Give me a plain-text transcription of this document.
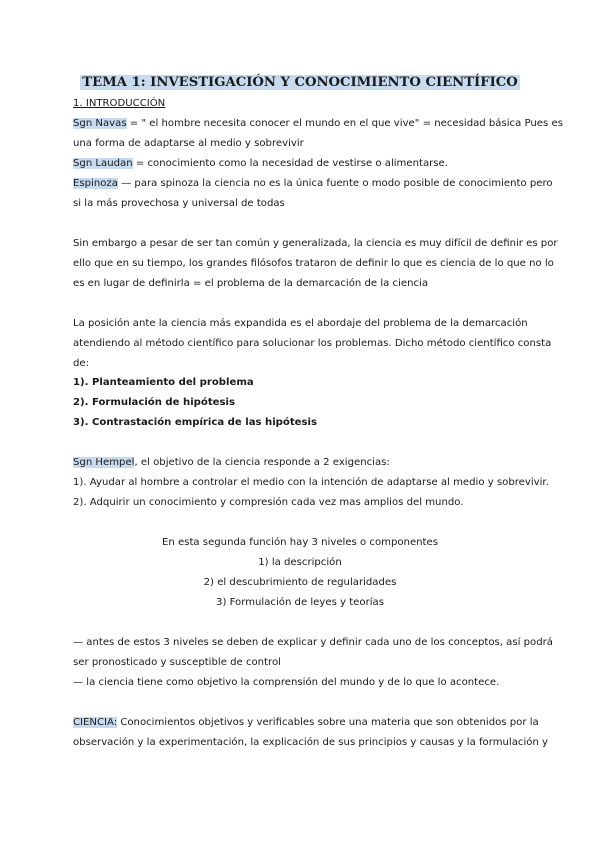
TEMA 1: INVESTIGACIÓN Y CONOCIMIENTO CIENTÍFICO
1. INTRODUCCIÓN
Sgn Navas = " el hombre necesita conocer el mundo en el que vive" = necesidad básica Pues es
una forma de adaptarse al medio y sobrevivir
Sgn Laudan = conocimiento como la necesidad de vestirse o alimentarse.
Espinoza — para spinoza la ciencia no es la única fuente o modo posible de conocimiento pero
si la más provechosa y universal de todas
Sin embargo a pesar de ser tan común y generalizada, la ciencia es muy difícil de definir es por
ello que en su tiempo, los grandes filósofos trataron de definir lo que es ciencia de lo que no lo
es en lugar de definirla = el problema de la demarcación de la ciencia
La posición ante la ciencia más expandida es el abordaje del problema de la demarcación
atendiendo al método científico para solucionar los problemas. Dicho método científico consta
de:
1). Planteamiento del problema
2). Formulación de hipótesis
3). Contrastación empírica de las hipótesis
Sgn Hempel, el objetivo de la ciencia responde a 2 exigencias:
1). Ayudar al hombre a controlar el medio con la intención de adaptarse al medio y sobrevivir.
2). Adquirir un conocimiento y compresión cada vez mas amplios del mundo.
En esta segunda función hay 3 niveles o componentes
1) la descripción
2) el descubrimiento de regularidades
3) Formulación de leyes y teorías
— antes de estos 3 niveles se deben de explicar y definir cada uno de los conceptos, así podrá
ser pronosticado y susceptible de control
— la ciencia tiene como objetivo la comprensión del mundo y de lo que lo acontece.
CIENCIA: Conocimientos objetivos y verificables sobre una materia que son obtenidos por la
observación y la experimentación, la explicación de sus principios y causas y la formulación y
